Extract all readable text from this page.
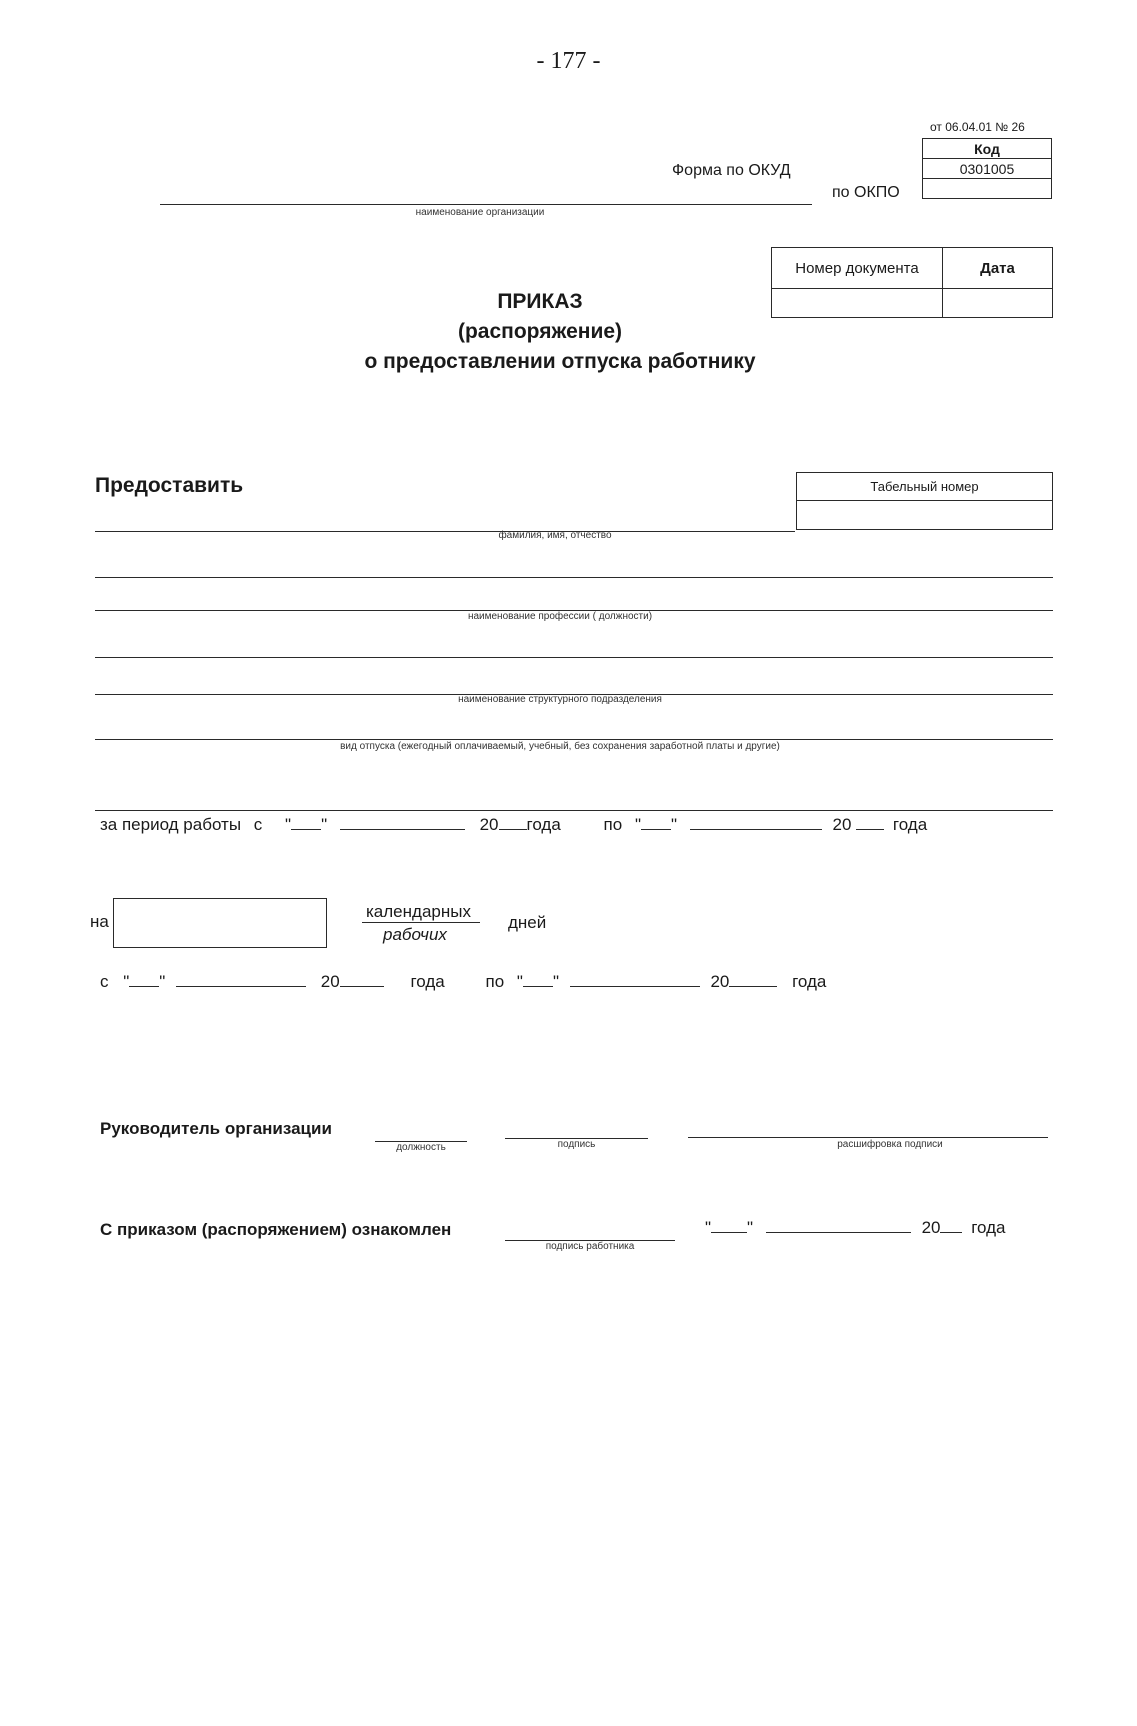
- 177 -
от 06.04.01 № 26
Код
0301005

Форма по ОКУД
по ОКПО
наименование организации
Номер документа	Дата

ПРИКАЗ
(распоряжение)
о предоставлении отпуска работнику
Предоставить	Табельный номер

фамилия, имя, отчество
наименование профессии ( должности)
наименование структурного подразделения
вид отпуска (ежегодный оплачиваемый, учебный, без сохранения заработной платы и другие)
за период работы с " "	20 года	по " "	20 года
на
календарных
рабочих
дней
с " "	20	года по " "	20	года
Руководитель организации
должность	подпись	расшифровка подписи
С приказом (распоряжением) ознакомлен
подпись работника
" "	20 года
